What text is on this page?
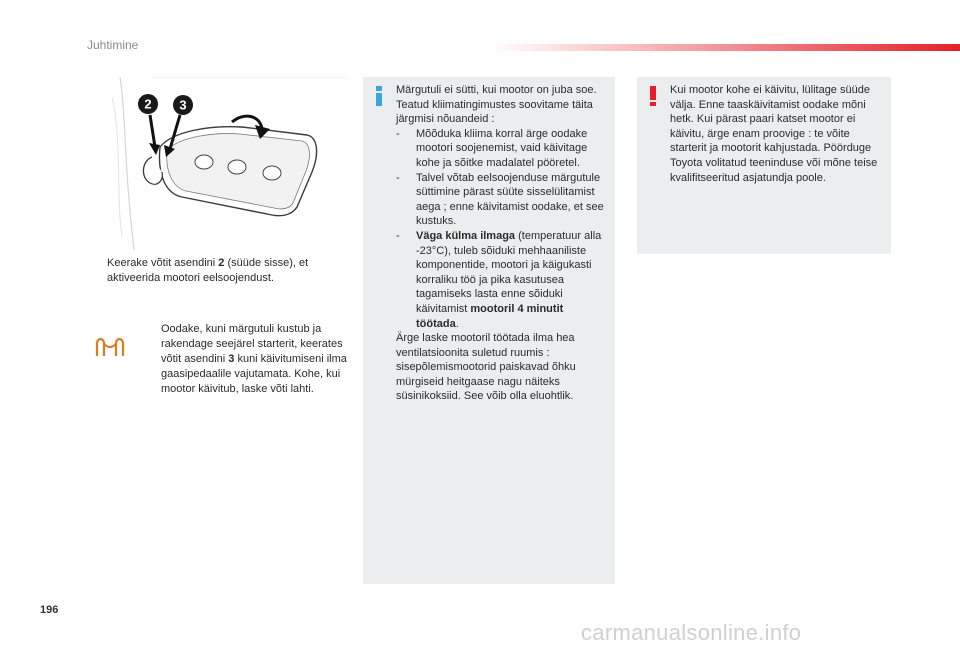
Juhtimine
2 3
Keerake võtit asendini 2 (süüde sisse), et aktiveerida mootori eelsoojendust.
Oodake, kuni märgutuli kustub ja rakendage seejärel starterit, keerates võtit asendini 3 kuni käivitumiseni ilma gaasipedaalile vajutamata. Kohe, kui mootor käivitub, laske võti lahti.

Märgutuli ei sütti, kui mootor on juba soe. Teatud kliimatingimustes soovitame täita järgmisi nõuandeid :

- Mõõduka kliima korral ärge oodake mootori soojenemist, vaid käivitage kohe ja sõitke madalatel pööretel.
- Talvel võtab eelsoojenduse märgutule süttimine pärast süüte sisselülitamist aega ; enne käivitamist oodake, et see kustuks.
- Väga külma ilmaga (temperatuur alla -23°C), tuleb sõiduki mehhaaniliste komponentide, mootori ja käigukasti korraliku töö ja pika kasutusea tagamiseks lasta enne sõiduki käivitamist mootoril 4 minutit töötada.

Ärge laske mootoril töötada ilma hea ventilatsioonita suletud ruumis : sisepõlemismootorid paiskavad õhku mürgiseid heitgaase nagu näiteks süsinikoksiid. See võib olla eluohtlik.

Kui mootor kohe ei käivitu, lülitage süüde välja. Enne taaskäivitamist oodake mõni hetk. Kui pärast paari katset mootor ei käivitu, ärge enam proovige : te võite starterit ja mootorit kahjustada. Pöörduge Toyota volitatud teeninduse või mõne teise kvalifitseeritud asjatundja poole.

196
carmanualsonline.info
